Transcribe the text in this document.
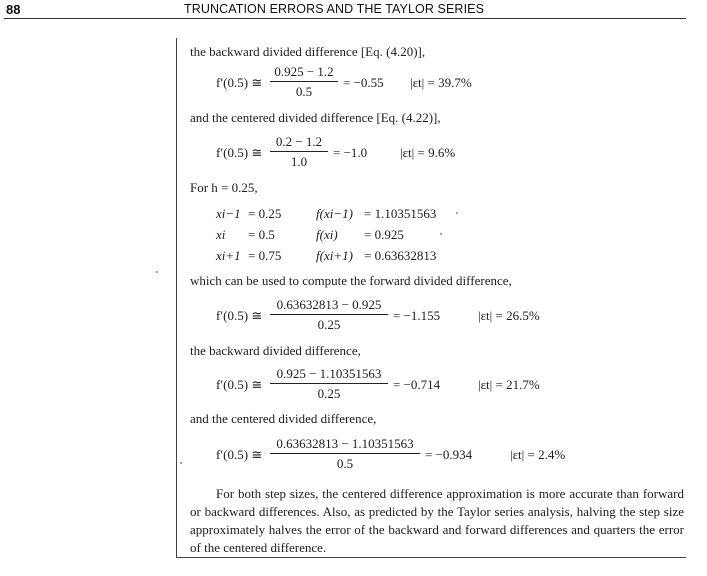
88	TRUNCATION ERRORS AND THE TAYLOR SERIES
the backward divided difference [Eq. (4.20)],
f′(0.5) ≅
0.925 − 1.2
0.5
= −0.55 |εt| = 39.7%
and the centered divided difference [Eq. (4.22)],
f′(0.5) ≅
0.2 − 1.2
1.0
= −1.0	|εt| = 9.6%
For h = 0.25,
xi−1 = 0.25	f(xi−1) = 1.10351563
xi = 0.5	f(xi) = 0.925
xi+1 = 0.75	f(xi+1) = 0.63632813
which can be used to compute the forward divided difference,
f′(0.5) ≅
0.63632813 − 0.925
0.25
= −1.155	|εt| = 26.5%
the backward divided difference,
f′(0.5) ≅
0.925 − 1.10351563
0.25
= −0.714	|εt| = 21.7%
and the centered divided difference,
f′(0.5) ≅
0.63632813 − 1.10351563
0.5
= −0.934	|εt| = 2.4%
For both step sizes, the centered difference approximation is more accurate than forward or backward differences. Also, as predicted by the Taylor series analysis, halving the step size approximately halves the error of the backward and forward differences and quarters the error of the centered difference.
